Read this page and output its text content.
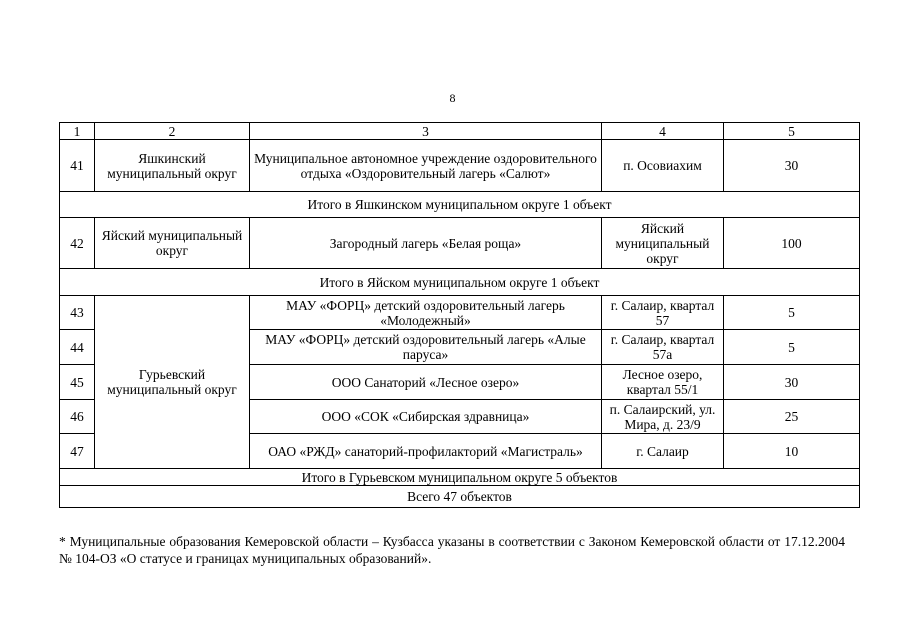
8
1	2	3	4	5
41	Яшкинский муниципальный округ	Муниципальное автономное учреждение оздоровительного отдыха «Оздоровительный лагерь «Салют»	п. Осовиахим	30
Итого в Яшкинском муниципальном округе 1 объект				
42	Яйский муниципальный округ	Загородный лагерь «Белая роща»	Яйский муниципальный округ	100
Итого в Яйском муниципальном округе 1 объект				
43	Гурьевский муниципальный округ	МАУ «ФОРЦ» детский оздоровительный лагерь «Молодежный»	г. Салаир, квартал 57	5
44		МАУ «ФОРЦ» детский оздоровительный лагерь «Алые паруса»	г. Салаир, квартал 57а	5
45		ООО Санаторий «Лесное озеро»	Лесное озеро, квартал 55/1	30
46		ООО «СОК «Сибирская здравница»	п. Салаирский, ул. Мира, д. 23/9	25
47		ОАО «РЖД» санаторий-профилакторий «Магистраль»	г. Салаир	10
Итого в Гурьевском муниципальном округе 5 объектов				
Всего 47 объектов				
* Муниципальные образования Кемеровской области – Кузбасса указаны в соответствии с Законом Кемеровской области от 17.12.2004 № 104-ОЗ «О статусе и границах муниципальных образований».
